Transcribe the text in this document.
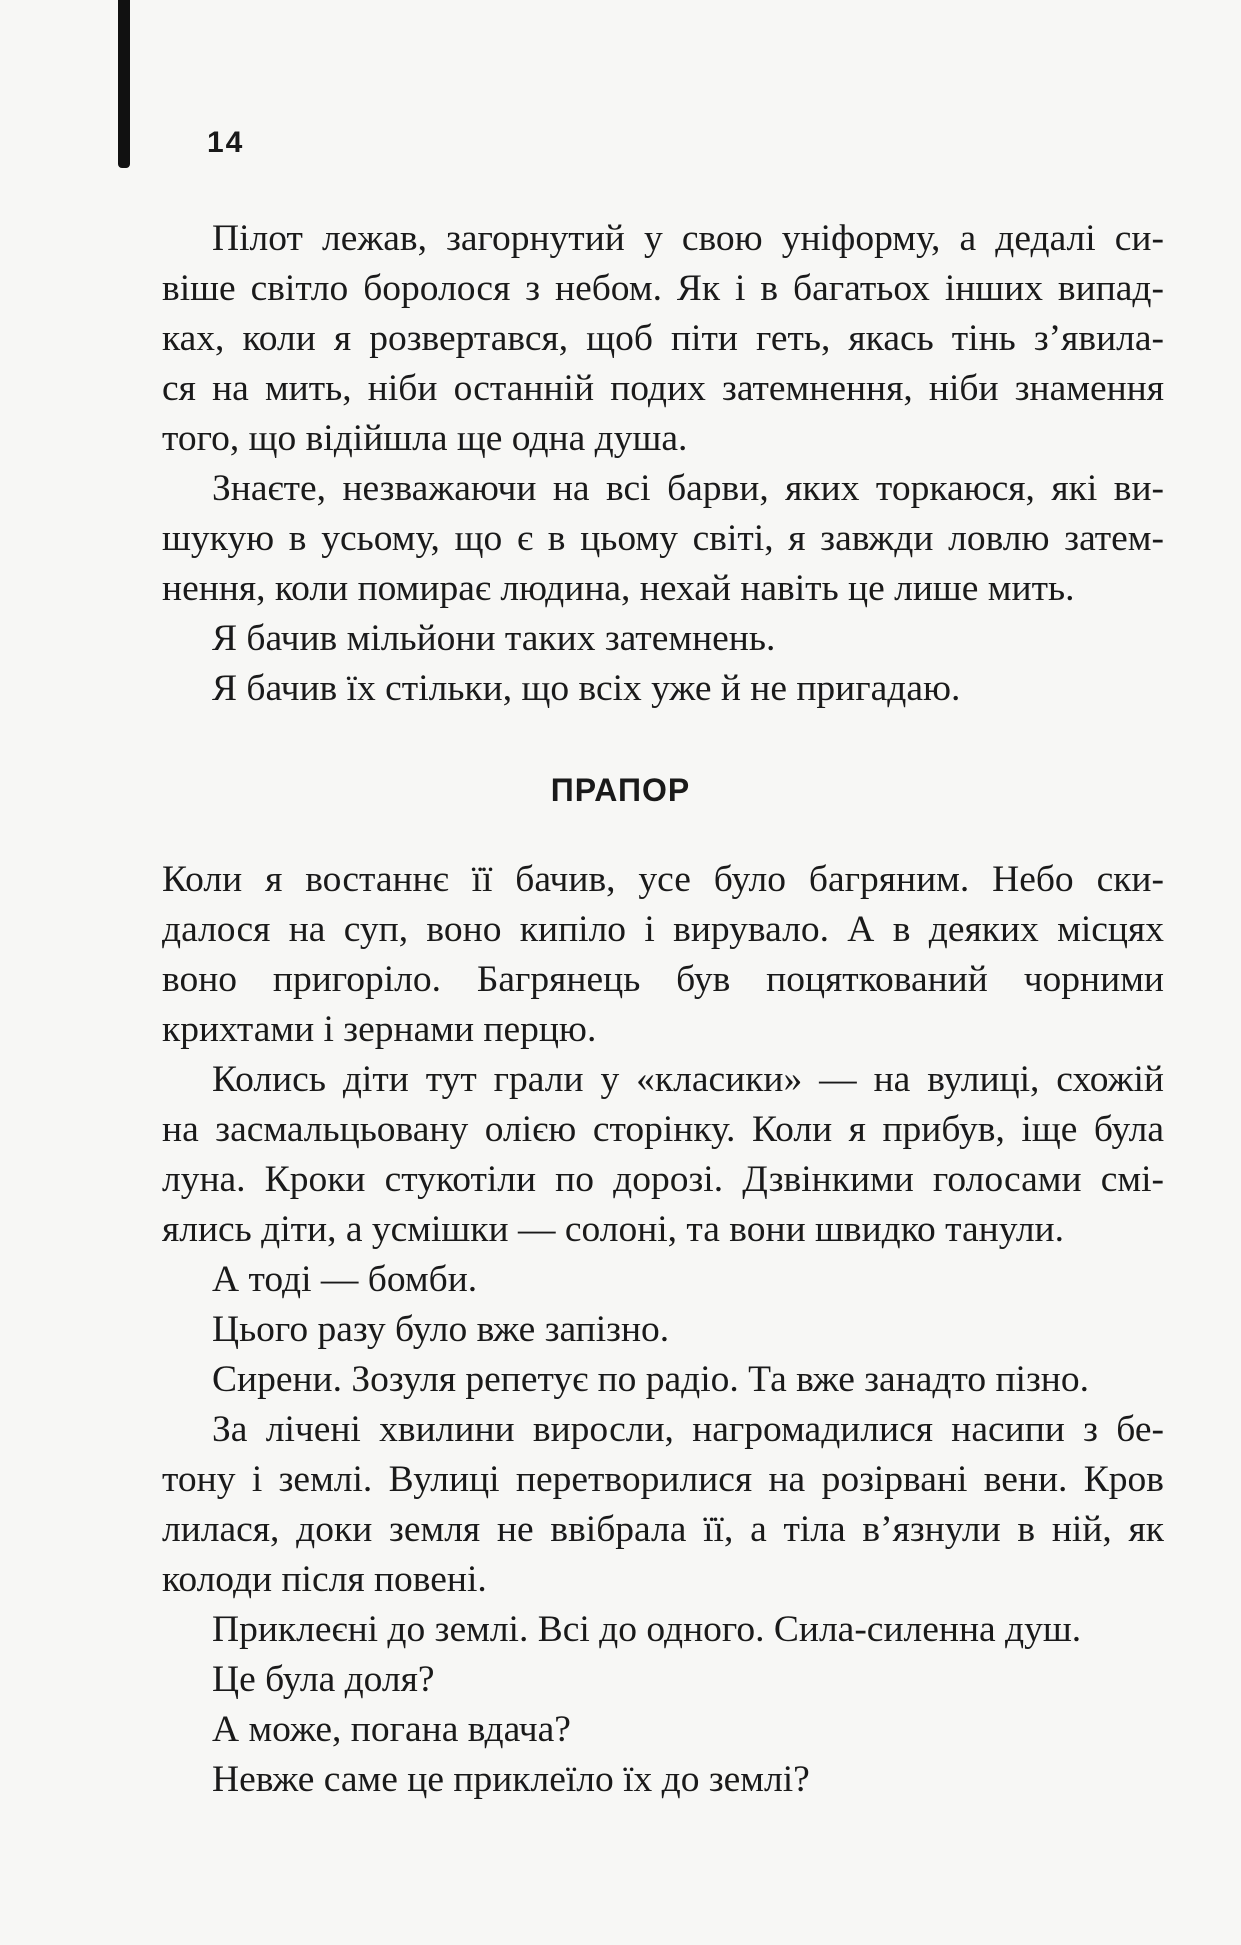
14
Пілот лежав, загорнутий у свою уніформу, а дедалі си-
віше світло боролося з небом. Як і в багатьох інших випад-
ках, коли я розвертався, щоб піти геть, якась тінь з’явила-
ся на мить, ніби останній подих затемнення, ніби знамення
того, що відійшла ще одна душа.
Знаєте, незважаючи на всі барви, яких торкаюся, які ви-
шукую в усьому, що є в цьому світі, я завжди ловлю затем-
нення, коли помирає людина, нехай навіть це лише мить.
Я бачив мільйони таких затемнень.
Я бачив їх стільки, що всіх уже й не пригадаю.
ПРАПОР
Коли я востаннє її бачив, усе було багряним. Небо ски-
далося на суп, воно кипіло і вирувало. А в деяких місцях
воно пригоріло. Багрянець був поцяткований чорними
крихтами і зернами перцю.
Колись діти тут грали у «класики» — на вулиці, схожій
на засмальцьовану олією сторінку. Коли я прибув, іще була
луна. Кроки стукотіли по дорозі. Дзвінкими голосами смі-
ялись діти, а усмішки — солоні, та вони швидко танули.
А тоді — бомби.
Цього разу було вже запізно.
Сирени. Зозуля репетує по радіо. Та вже занадто пізно.
За лічені хвилини виросли, нагромадилися насипи з бе-
тону і землі. Вулиці перетворилися на розірвані вени. Кров
лилася, доки земля не ввібрала її, а тіла в’язнули в ній, як
колоди після повені.
Приклеєні до землі. Всі до одного. Сила-силенна душ.
Це була доля?
А може, погана вдача?
Невже саме це приклеїло їх до землі?
